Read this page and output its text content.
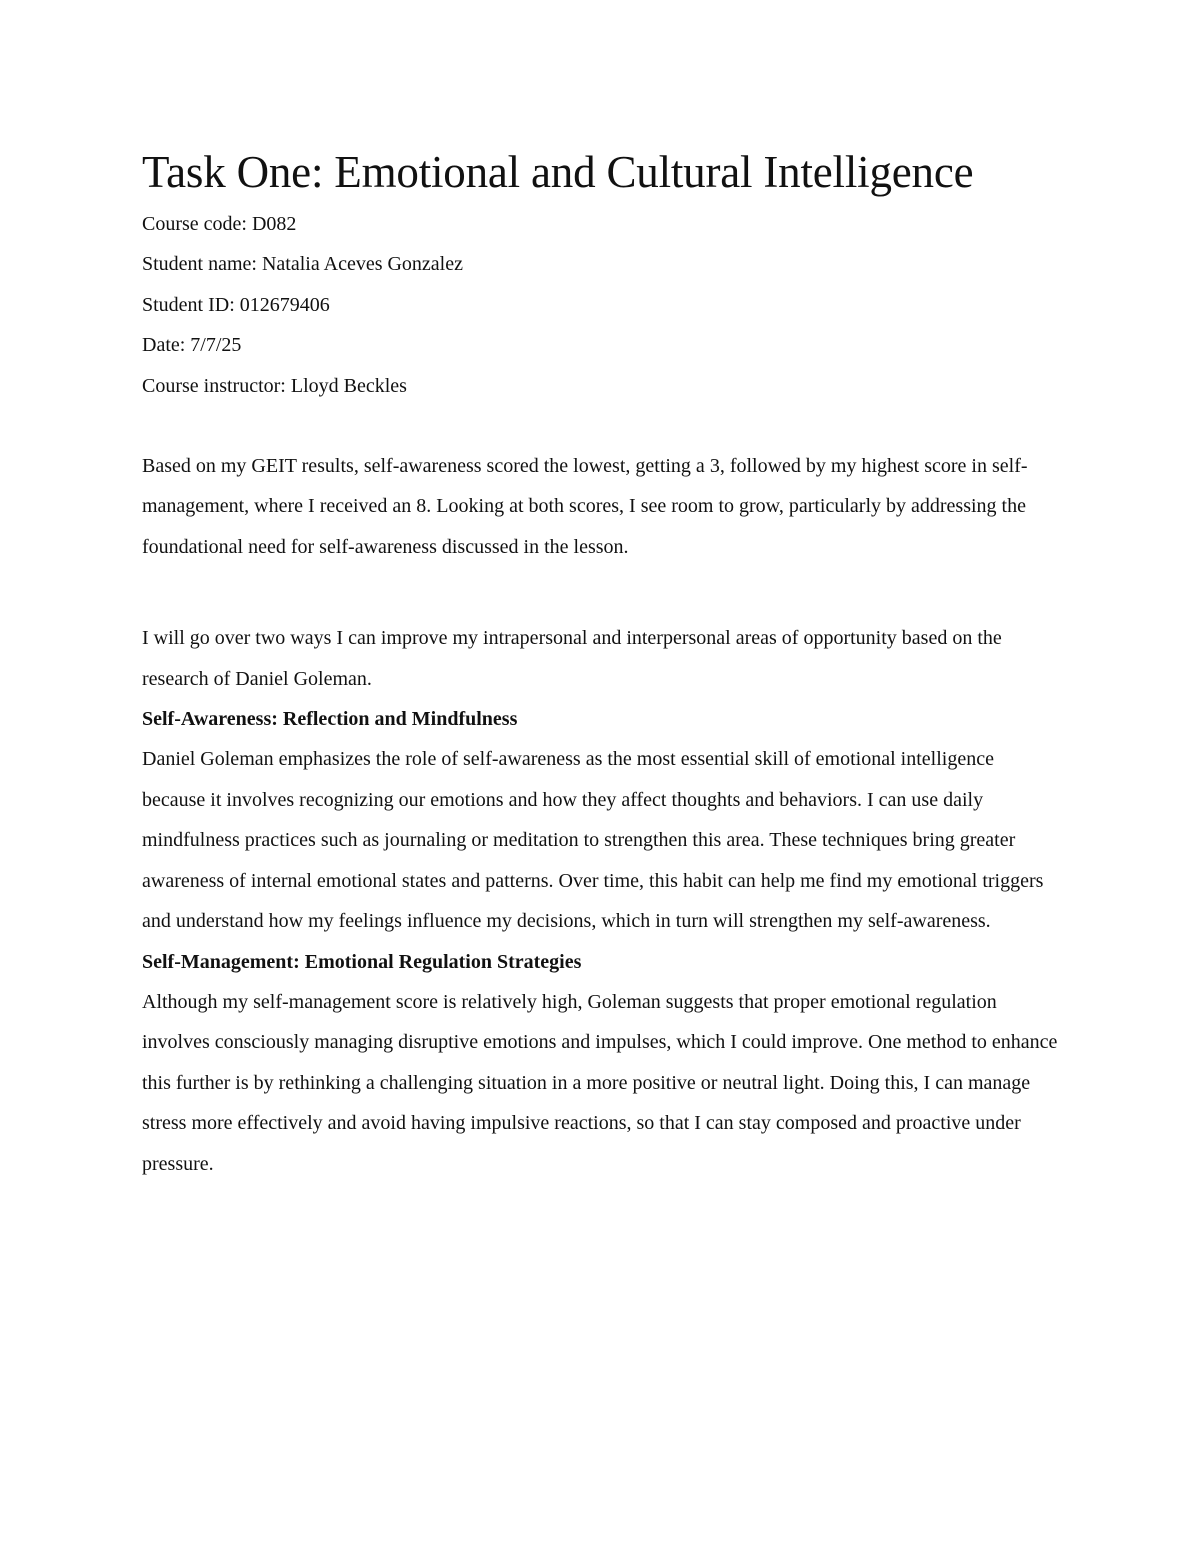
Task One: Emotional and Cultural Intelligence

Course code: D082

Student name: Natalia Aceves Gonzalez

Student ID: 012679406

Date: 7/7/25

Course instructor: Lloyd Beckles

Based on my GEIT results, self-awareness scored the lowest, getting a 3, followed by my highest score in self-management, where I received an 8. Looking at both scores, I see room to grow, particularly by addressing the foundational need for self-awareness discussed in the lesson.

I will go over two ways I can improve my intrapersonal and interpersonal areas of opportunity based on the research of Daniel Goleman.

Self-Awareness: Reflection and Mindfulness

Daniel Goleman emphasizes the role of self-awareness as the most essential skill of emotional intelligence because it involves recognizing our emotions and how they affect thoughts and behaviors. I can use daily mindfulness practices such as journaling or meditation to strengthen this area. These techniques bring greater awareness of internal emotional states and patterns. Over time, this habit can help me find my emotional triggers and understand how my feelings influence my decisions, which in turn will strengthen my self-awareness.

Self-Management: Emotional Regulation Strategies

Although my self-management score is relatively high, Goleman suggests that proper emotional regulation involves consciously managing disruptive emotions and impulses, which I could improve. One method to enhance this further is by rethinking a challenging situation in a more positive or neutral light. Doing this, I can manage stress more effectively and avoid having impulsive reactions, so that I can stay composed and proactive under pressure.
